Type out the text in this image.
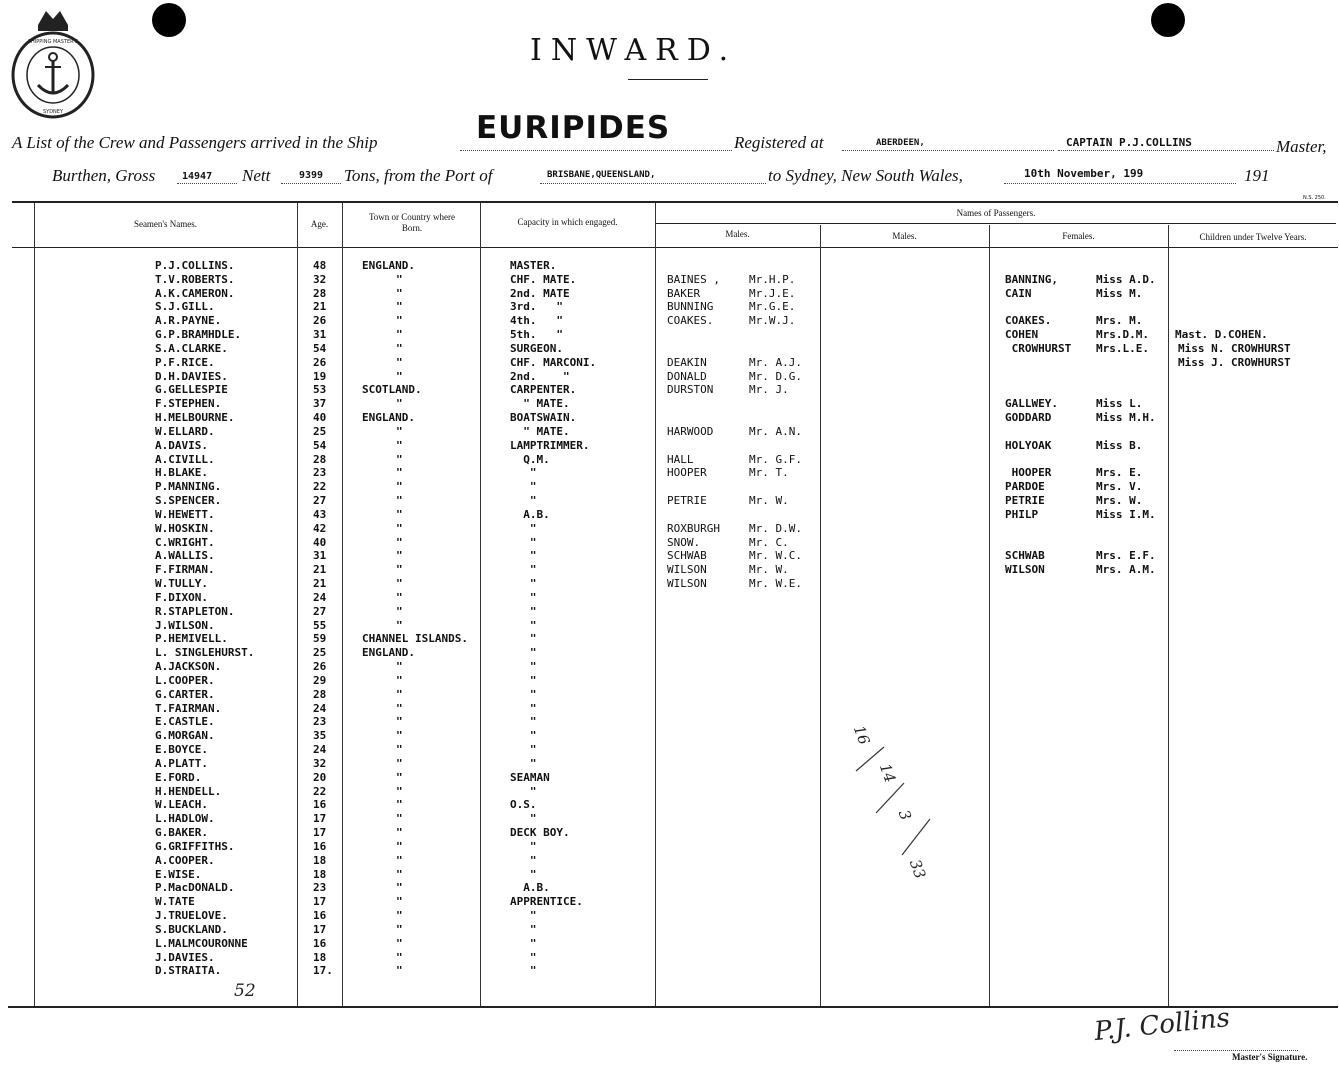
SHIPPING MASTER'S
SYDNEY
INWARD.
A List of the Crew and Passengers arrived in the Ship	EURIPIDES	Registered at	ABERDEEN,	CAPTAIN P.J.COLLINS	Master,
Burthen, Gross	14947 Nett	9399 Tons, from the Port of	BRISBANE,QUEENSLAND,	to Sydney, New South Wales,	10th November, 199	191
N.S. 250.
Seamen's Names.	Age.
Town or Country where Born.
Capacity in which engaged.
Names of Passengers.
Males.	Males.	Females.	Children under Twelve Years.
P.J.COLLINS.	48	ENGLAND.	MASTER.
T.V.ROBERTS.	32	"	CHF. MATE.
A.K.CAMERON.	28	"	2nd. MATE
S.J.GILL.	21	"	3rd.   "
A.R.PAYNE.	26	"	4th.   "
G.P.BRAMHDLE.	31	"	5th.   "
S.A.CLARKE.	54	"	SURGEON.
P.F.RICE.	26	"	CHF. MARCONI.
D.H.DAVIES.	19	"	2nd.    "
G.GELLESPIE	53	SCOTLAND.	CARPENTER.
F.STEPHEN.	37	"	" MATE.
H.MELBOURNE.	40	ENGLAND.	BOATSWAIN.
W.ELLARD.	25	"	" MATE.
A.DAVIS.	54	"	LAMPTRIMMER.
A.CIVILL.	28	"	Q.M.
H.BLAKE.	23	"	"
P.MANNING.	22	"	"
S.SPENCER.	27	"	"
W.HEWETT.	43	"	A.B.
W.HOSKIN.	42	"	"
C.WRIGHT.	40	"	"
A.WALLIS.	31	"	"
F.FIRMAN.	21	"	"
W.TULLY.	21	"	"
F.DIXON.	24	"	"
R.STAPLETON.	27	"	"
J.WILSON.	55	"	"
P.HEMIVELL.	59	CHANNEL ISLANDS.	"
L. SINGLEHURST.	25	ENGLAND.	"
A.JACKSON.	26	"	"
L.COOPER.	29	"	"
G.CARTER.	28	"	"
T.FAIRMAN.	24	"	"
E.CASTLE.	23	"	"
G.MORGAN.	35	"	"
E.BOYCE.	24	"	"
A.PLATT.	32	"	"
E.FORD.	20	"	SEAMAN
H.HENDELL.	22	"	"
W.LEACH.	16	"	O.S.
L.HADLOW.	17	"	"
G.BAKER.	17	"	DECK BOY.
G.GRIFFITHS.	16	"	"
A.COOPER.	18	"	"
E.WISE.	18	"	"
P.MacDONALD.	23	"	A.B.
W.TATE	17	"	APPRENTICE.
J.TRUELOVE.	16	"	"
S.BUCKLAND.	17	"	"
L.MALMCOURONNE	16	"	"
J.DAVIES.	18	"	"
D.STRAITA.	17.	"	"
BAINES ,	Mr.H.P.
BAKER	Mr.J.E.
BUNNING	Mr.G.E.
COAKES.	Mr.W.J.
DEAKIN	Mr. A.J.
DONALD	Mr. D.G.
DURSTON	Mr. J.
HARWOOD	Mr. A.N.
HALL	Mr. G.F.
HOOPER	Mr. T.
PETRIE	Mr. W.
ROXBURGH	Mr. D.W.
SNOW.	Mr. C.
SCHWAB	Mr. W.C.
WILSON	Mr. W.
WILSON	Mr. W.E.
BANNING,	Miss A.D.
CAIN	Miss M.
COAKES.	Mrs. M.
COHEN	Mrs.D.M.
CROWHURST Mrs.L.E.
GALLWEY.	Miss L.
GODDARD	Miss M.H.
HOLYOAK	Miss B.
HOOPER	Mrs. E.
PARDOE	Mrs. V.
PETRIE	Mrs. W.
PHILP	Miss I.M.
SCHWAB	Mrs. E.F.
WILSON	Mrs. A.M.
Mast. D.COHEN.
Miss N. CROWHURST
Miss J. CROWHURST
16
14
3
33
52
P.J. Collins
Master's Signature.
